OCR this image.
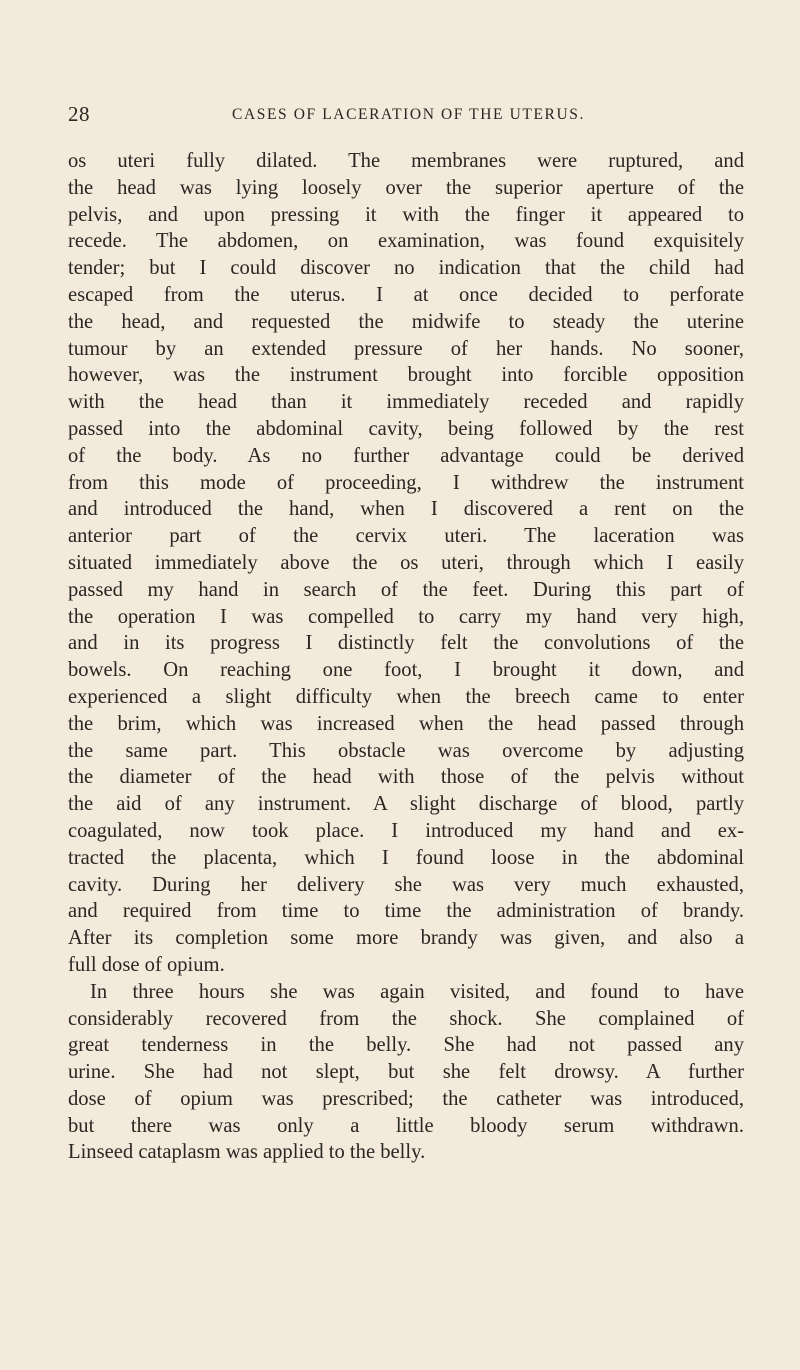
28	CASES OF LACERATION OF THE UTERUS.
os uteri fully dilated. The membranes were ruptured, and
the head was lying loosely over the superior aperture of the
pelvis, and upon pressing it with the finger it appeared to
recede. The abdomen, on examination, was found exquisitely
tender; but I could discover no indication that the child had
escaped from the uterus. I at once decided to perforate
the head, and requested the midwife to steady the uterine
tumour by an extended pressure of her hands. No sooner,
however, was the instrument brought into forcible opposition
with the head than it immediately receded and rapidly
passed into the abdominal cavity, being followed by the rest
of the body. As no further advantage could be derived
from this mode of proceeding, I withdrew the instrument
and introduced the hand, when I discovered a rent on the
anterior part of the cervix uteri. The laceration was
situated immediately above the os uteri, through which I easily
passed my hand in search of the feet. During this part of
the operation I was compelled to carry my hand very high,
and in its progress I distinctly felt the convolutions of the
bowels. On reaching one foot, I brought it down, and
experienced a slight difficulty when the breech came to enter
the brim, which was increased when the head passed through
the same part. This obstacle was overcome by adjusting
the diameter of the head with those of the pelvis without
the aid of any instrument. A slight discharge of blood, partly
coagulated, now took place. I introduced my hand and ex-
tracted the placenta, which I found loose in the abdominal
cavity. During her delivery she was very much exhausted,
and required from time to time the administration of brandy.
After its completion some more brandy was given, and also a
full dose of opium.
In three hours she was again visited, and found to have
considerably recovered from the shock. She complained of
great tenderness in the belly. She had not passed any
urine. She had not slept, but she felt drowsy. A further
dose of opium was prescribed; the catheter was introduced,
but there was only a little bloody serum withdrawn.
Linseed cataplasm was applied to the belly.
